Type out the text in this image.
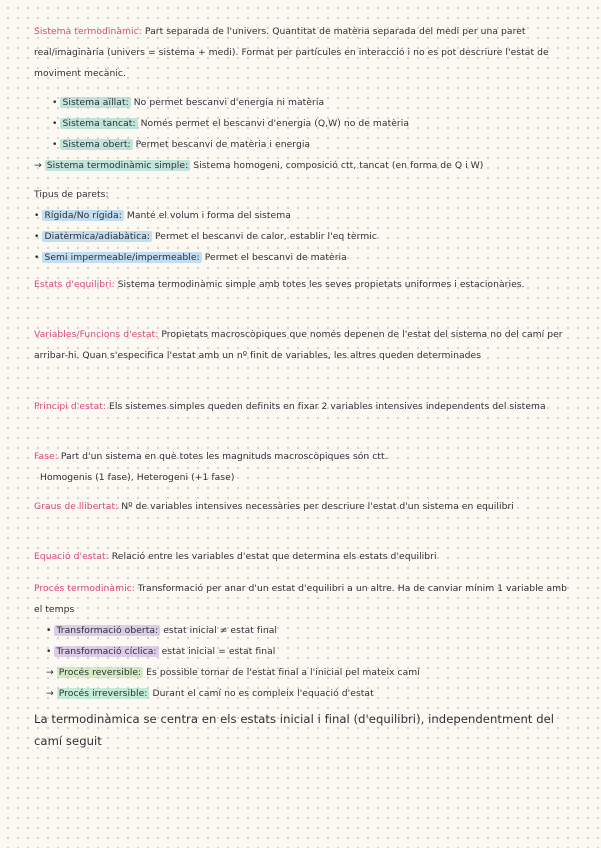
Sistema termodinàmic: Part separada de l'univers. Quantitat de matèria separada del medi per una paret real/imaginària (univers = sistema + medi). Format per partícules en interacció i no es pot descriure l'estat de moviment mecànic.
• Sistema aïllat: No permet bescanvi d'energia ni matèria
• Sistema tancat: Només permet el bescanvi d'energia (Q,W) no de matèria
• Sistema obert: Permet bescanvi de matèria i energia
→ Sistema termodinàmic simple: Sistema homogeni, composició ctt, tancat (en forma de Q i W)
Tipus de parets:
• Rígida/No rígida: Manté el volum i forma del sistema
• Diatèrmica/adiabàtica: Permet el bescanvi de calor, establir l'eq tèrmic
• Semi impermeable/impermeable: Permet el bescanvi de matèria
Estats d'equilibri: Sistema termodinàmic simple amb totes les seves propietats uniformes i estacionàries.
Variables/Funcions d'estat: Propietats macroscòpiques que només depenen de l'estat del sistema no del camí per arribar-hi. Quan s'especifica l'estat amb un nº finit de variables, les altres queden determinades
Principi d'estat: Els sistemes simples queden definits en fixar 2 variables intensives independents del sistema
Fase: Part d'un sistema en què totes les magnituds macroscòpiques són ctt.
Homogenis (1 fase), Heterogeni (+1 fase)
Graus de llibertat: Nº de variables intensives necessàries per descriure l'estat d'un sistema en equilibri
Equació d'estat: Relació entre les variables d'estat que determina els estats d'equilibri
Procés termodinàmic: Transformació per anar d'un estat d'equilibri a un altre. Ha de canviar mínim 1 variable amb el temps
• Transformació oberta: estat inicial ≠ estat final
• Transformació cíclica: estat inicial = estat final
→ Procés reversible: Es possible tornar de l'estat final a l'inicial pel mateix camí
→ Procés irreversible: Durant el camí no es compleix l'equació d'estat
La termodinàmica se centra en els estats inicial i final (d'equilibri), independentment del camí seguit
